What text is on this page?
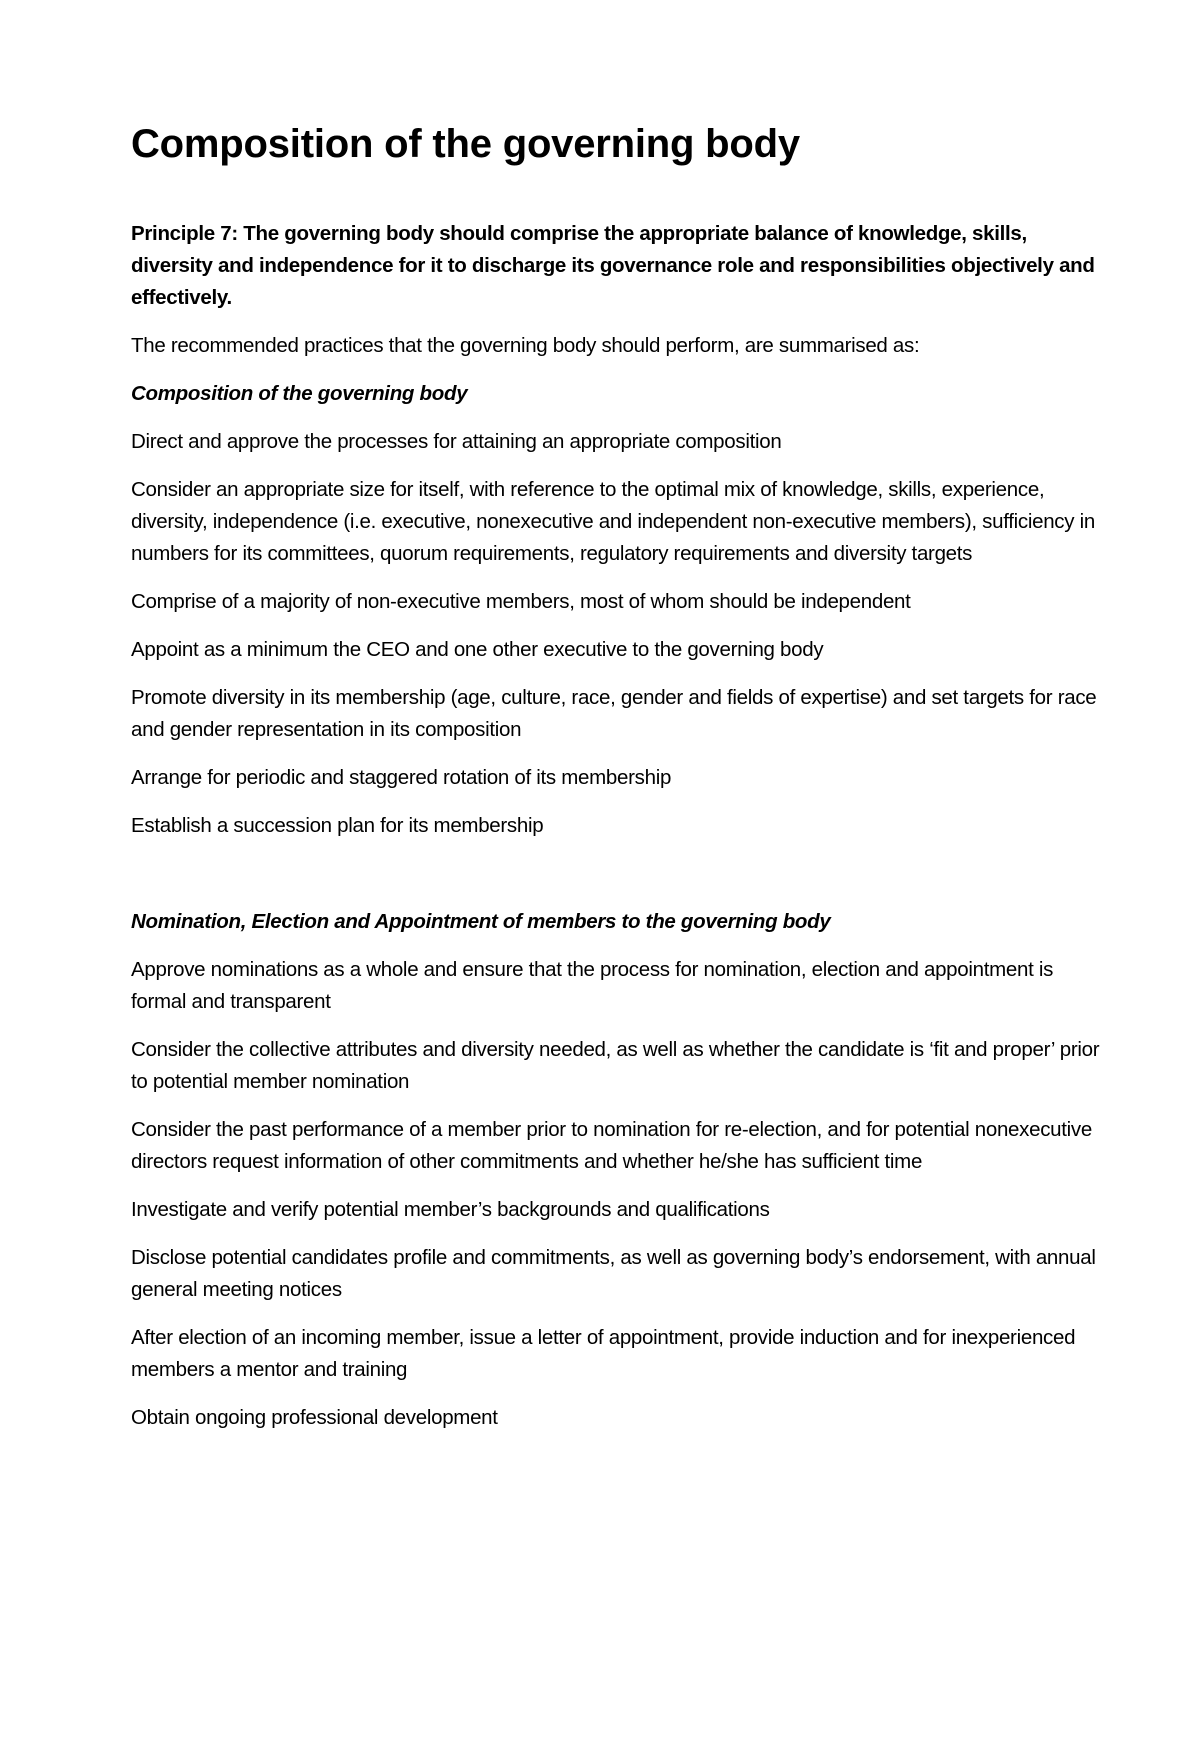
Composition of the governing body

Principle 7: The governing body should comprise the appropriate balance of knowledge, skills, diversity and independence for it to discharge its governance role and responsibilities objectively and effectively.

The recommended practices that the governing body should perform, are summarised as:

Composition of the governing body

Direct and approve the processes for attaining an appropriate composition

Consider an appropriate size for itself, with reference to the optimal mix of knowledge, skills, experience, diversity, independence (i.e. executive, nonexecutive and independent non-executive members), sufficiency in numbers for its committees, quorum requirements, regulatory requirements and diversity targets

Comprise of a majority of non-executive members, most of whom should be independent

Appoint as a minimum the CEO and one other executive to the governing body

Promote diversity in its membership (age, culture, race, gender and fields of expertise) and set targets for race and gender representation in its composition

Arrange for periodic and staggered rotation of its membership

Establish a succession plan for its membership

Nomination, Election and Appointment of members to the governing body

Approve nominations as a whole and ensure that the process for nomination, election and appointment is formal and transparent

Consider the collective attributes and diversity needed, as well as whether the candidate is ‘fit and proper’ prior to potential member nomination

Consider the past performance of a member prior to nomination for re-election, and for potential nonexecutive directors request information of other commitments and whether he/she has sufficient time

Investigate and verify potential member’s backgrounds and qualifications

Disclose potential candidates profile and commitments, as well as governing body’s endorsement, with annual general meeting notices

After election of an incoming member, issue a letter of appointment, provide induction and for inexperienced members a mentor and training

Obtain ongoing professional development
